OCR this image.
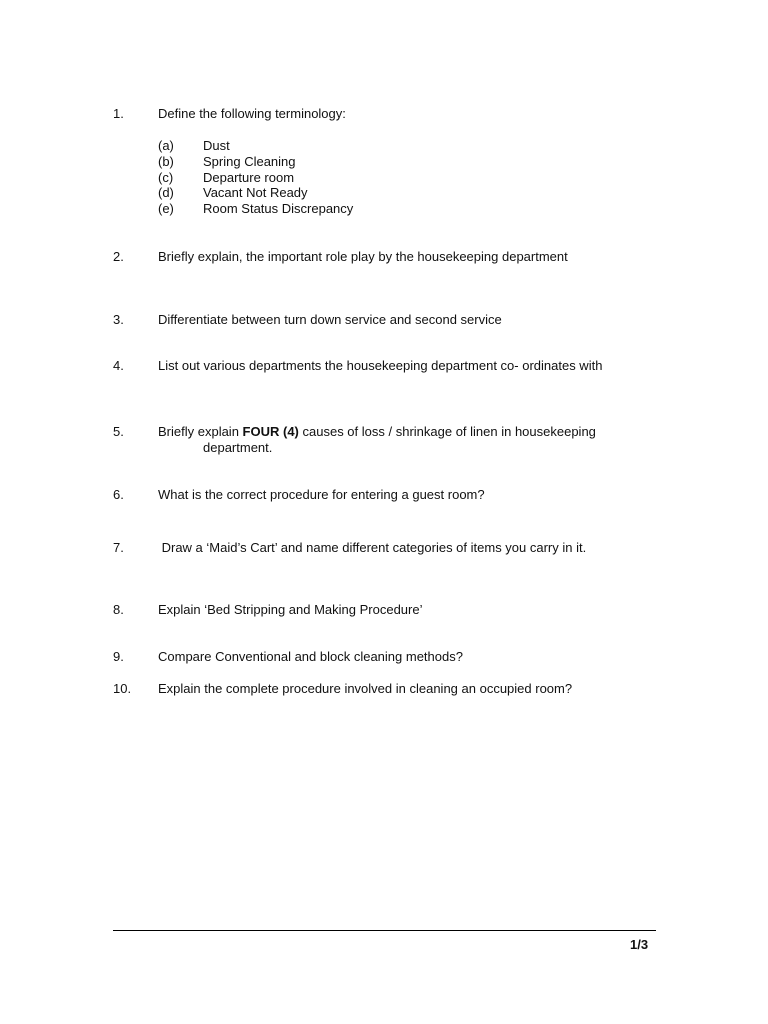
1.	Define the following terminology:
(a) Dust
(b) Spring Cleaning
(c) Departure room
(d) Vacant Not Ready
(e) Room Status Discrepancy
2.	Briefly explain, the important role play by the housekeeping department
3.	Differentiate between turn down service and second service
4.	List out various departments the housekeeping department co- ordinates with
5.	Briefly explain FOUR (4) causes of loss / shrinkage of linen in housekeeping
department.
6.	What is the correct procedure for entering a guest room?
7.	Draw a ‘Maid’s Cart’ and name different categories of items you carry in it.
8.	Explain ‘Bed Stripping and Making Procedure’
9.	Compare Conventional and block cleaning methods?
10. Explain the complete procedure involved in cleaning an occupied room?
1/3
